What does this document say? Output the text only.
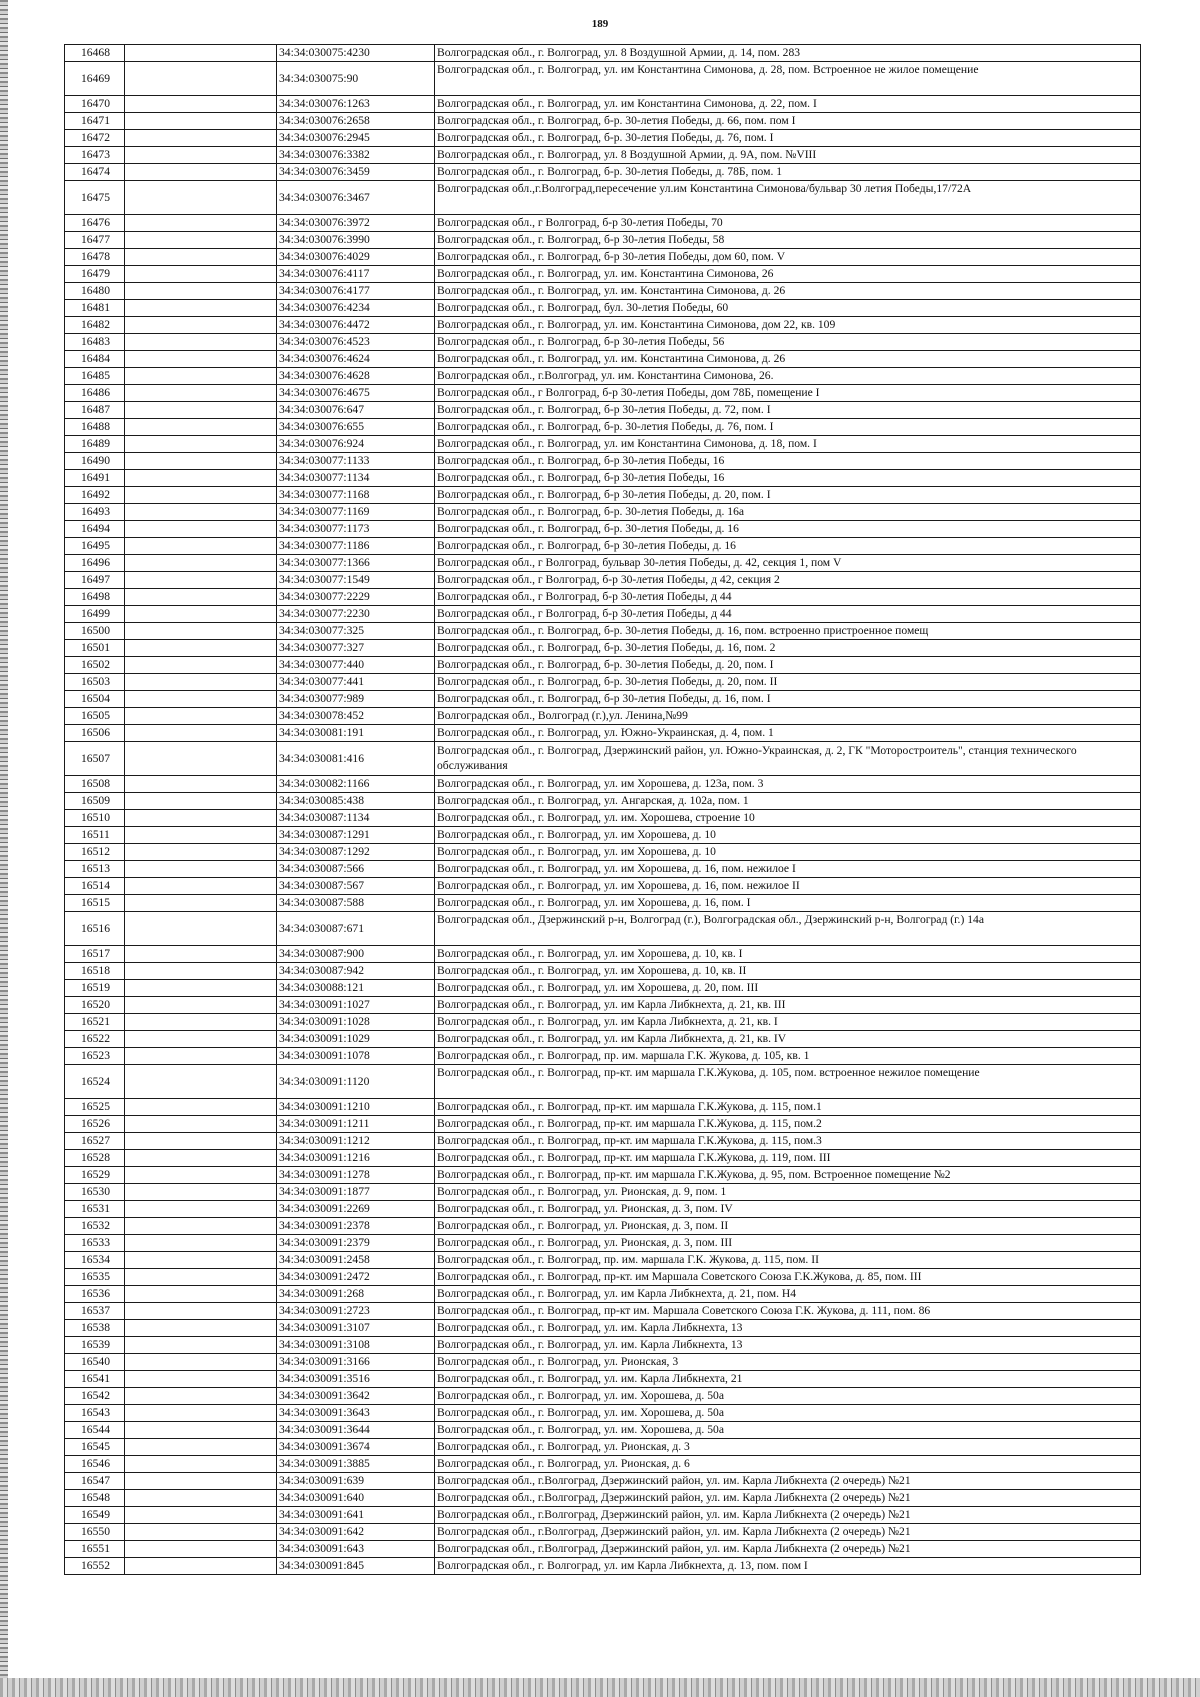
189
16468		34:34:030075:4230	Волгоградская обл., г. Волгоград, ул. 8 Воздушной Армии, д. 14, пом. 283
16469		34:34:030075:90	Волгоградская обл., г. Волгоград, ул. им Константина Симонова, д. 28, пом. Встроенное не жилое помещение
16470		34:34:030076:1263	Волгоградская обл., г. Волгоград, ул. им Константина Симонова, д. 22, пом. I
16471		34:34:030076:2658	Волгоградская обл., г. Волгоград, б-р. 30-летия Победы, д. 66, пом. пом I
16472		34:34:030076:2945	Волгоградская обл., г. Волгоград, б-р. 30-летия Победы, д. 76, пом. I
16473		34:34:030076:3382	Волгоградская обл., г. Волгоград, ул. 8 Воздушной Армии, д. 9А, пом. №VIII
16474		34:34:030076:3459	Волгоградская обл., г. Волгоград, б-р. 30-летия Победы, д. 78Б, пом. 1
16475		34:34:030076:3467	Волгоградская обл.,г.Волгоград,пересечение ул.им Константина Симонова/бульвар 30 летия Победы,17/72А
16476		34:34:030076:3972	Волгоградская обл., г Волгоград, б-р 30-летия Победы, 70
16477		34:34:030076:3990	Волгоградская обл., г. Волгоград, б-р 30-летия Победы, 58
16478		34:34:030076:4029	Волгоградская обл., г. Волгоград, б-р 30-летия Победы, дом 60, пом. V
16479		34:34:030076:4117	Волгоградская обл., г. Волгоград, ул. им. Константина Симонова, 26
16480		34:34:030076:4177	Волгоградская обл., г. Волгоград, ул. им. Константина Симонова, д. 26
16481		34:34:030076:4234	Волгоградская обл., г. Волгоград, бул. 30-летия Победы, 60
16482		34:34:030076:4472	Волгоградская обл., г. Волгоград, ул. им. Константина Симонова, дом 22, кв. 109
16483		34:34:030076:4523	Волгоградская обл., г. Волгоград, б-р 30-летия Победы, 56
16484		34:34:030076:4624	Волгоградская обл., г. Волгоград, ул. им. Константина Симонова, д. 26
16485		34:34:030076:4628	Волгоградская обл., г.Волгоград, ул. им. Константина Симонова, 26.
16486		34:34:030076:4675	Волгоградская обл., г Волгоград, б-р 30-летия Победы, дом 78Б, помещение I
16487		34:34:030076:647	Волгоградская обл., г. Волгоград, б-р 30-летия Победы, д. 72, пом. I
16488		34:34:030076:655	Волгоградская обл., г. Волгоград, б-р. 30-летия Победы, д. 76, пом. I
16489		34:34:030076:924	Волгоградская обл., г. Волгоград, ул. им Константина Симонова, д. 18, пом. I
16490		34:34:030077:1133	Волгоградская обл., г. Волгоград, б-р 30-летия Победы, 16
16491		34:34:030077:1134	Волгоградская обл., г. Волгоград, б-р 30-летия Победы, 16
16492		34:34:030077:1168	Волгоградская обл., г. Волгоград, б-р 30-летия Победы, д. 20, пом. I
16493		34:34:030077:1169	Волгоградская обл., г. Волгоград, б-р. 30-летия Победы, д. 16а
16494		34:34:030077:1173	Волгоградская обл., г. Волгоград, б-р. 30-летия Победы, д. 16
16495		34:34:030077:1186	Волгоградская обл., г. Волгоград, б-р 30-летия Победы, д. 16
16496		34:34:030077:1366	Волгоградская обл., г Волгоград, бульвар 30-летия Победы, д. 42, секция 1, пом V
16497		34:34:030077:1549	Волгоградская обл., г Волгоград, б-р 30-летия Победы, д 42, секция 2
16498		34:34:030077:2229	Волгоградская обл., г Волгоград, б-р 30-летия Победы, д 44
16499		34:34:030077:2230	Волгоградская обл., г Волгоград, б-р 30-летия Победы, д 44
16500		34:34:030077:325	Волгоградская обл., г. Волгоград, б-р. 30-летия Победы, д. 16, пом. встроенно пристроенное помещ
16501		34:34:030077:327	Волгоградская обл., г. Волгоград, б-р. 30-летия Победы, д. 16, пом. 2
16502		34:34:030077:440	Волгоградская обл., г. Волгоград, б-р. 30-летия Победы, д. 20, пом. I
16503		34:34:030077:441	Волгоградская обл., г. Волгоград, б-р. 30-летия Победы, д. 20, пом. II
16504		34:34:030077:989	Волгоградская обл., г. Волгоград, б-р 30-летия Победы, д. 16, пом. I
16505		34:34:030078:452	Волгоградская обл., Волгоград (г.),ул. Ленина,№99
16506		34:34:030081:191	Волгоградская обл., г. Волгоград, ул. Южно-Украинская, д. 4, пом. 1
16507		34:34:030081:416	Волгоградская обл., г. Волгоград, Дзержинский район, ул. Южно-Украинская, д. 2, ГК "Моторостроитель", станция технического обслуживания
16508		34:34:030082:1166	Волгоградская обл., г. Волгоград, ул. им Хорошева, д. 123а, пом. 3
16509		34:34:030085:438	Волгоградская обл., г. Волгоград, ул. Ангарская, д. 102а, пом. 1
16510		34:34:030087:1134	Волгоградская обл., г. Волгоград, ул. им. Хорошева, строение 10
16511		34:34:030087:1291	Волгоградская обл., г. Волгоград, ул. им Хорошева, д. 10
16512		34:34:030087:1292	Волгоградская обл., г. Волгоград, ул. им Хорошева, д. 10
16513		34:34:030087:566	Волгоградская обл., г. Волгоград, ул. им Хорошева, д. 16, пом. нежилое I
16514		34:34:030087:567	Волгоградская обл., г. Волгоград, ул. им Хорошева, д. 16, пом. нежилое II
16515		34:34:030087:588	Волгоградская обл., г. Волгоград, ул. им Хорошева, д. 16, пом. I
16516		34:34:030087:671	Волгоградская обл., Дзержинский р-н, Волгоград (г.), Волгоградская обл., Дзержинский р-н, Волгоград (г.) 14а
16517		34:34:030087:900	Волгоградская обл., г. Волгоград, ул. им Хорошева, д. 10, кв. I
16518		34:34:030087:942	Волгоградская обл., г. Волгоград, ул. им Хорошева, д. 10, кв. II
16519		34:34:030088:121	Волгоградская обл., г. Волгоград, ул. им Хорошева, д. 20, пом. III
16520		34:34:030091:1027	Волгоградская обл., г. Волгоград, ул. им Карла Либкнехта, д. 21, кв. III
16521		34:34:030091:1028	Волгоградская обл., г. Волгоград, ул. им Карла Либкнехта, д. 21, кв. I
16522		34:34:030091:1029	Волгоградская обл., г. Волгоград, ул. им Карла Либкнехта, д. 21, кв. IV
16523		34:34:030091:1078	Волгоградская обл., г. Волгоград, пр. им. маршала Г.К. Жукова, д. 105, кв. 1
16524		34:34:030091:1120	Волгоградская обл., г. Волгоград, пр-кт. им маршала Г.К.Жукова, д. 105, пом. встроенное нежилое помещение
16525		34:34:030091:1210	Волгоградская обл., г. Волгоград, пр-кт. им маршала Г.К.Жукова, д. 115, пом.1
16526		34:34:030091:1211	Волгоградская обл., г. Волгоград, пр-кт. им маршала Г.К.Жукова, д. 115, пом.2
16527		34:34:030091:1212	Волгоградская обл., г. Волгоград, пр-кт. им маршала Г.К.Жукова, д. 115, пом.3
16528		34:34:030091:1216	Волгоградская обл., г. Волгоград, пр-кт. им маршала Г.К.Жукова, д. 119, пом. III
16529		34:34:030091:1278	Волгоградская обл., г. Волгоград, пр-кт. им маршала Г.К.Жукова, д. 95, пом. Встроенное помещение №2
16530		34:34:030091:1877	Волгоградская обл., г. Волгоград, ул. Рионская, д. 9, пом. 1
16531		34:34:030091:2269	Волгоградская обл., г. Волгоград, ул. Рионская, д. 3, пом. IV
16532		34:34:030091:2378	Волгоградская обл., г. Волгоград, ул. Рионская, д. 3, пом. II
16533		34:34:030091:2379	Волгоградская обл., г. Волгоград, ул. Рионская, д. 3, пом. III
16534		34:34:030091:2458	Волгоградская обл., г. Волгоград, пр. им. маршала Г.К. Жукова, д. 115, пом. II
16535		34:34:030091:2472	Волгоградская обл., г. Волгоград, пр-кт. им Маршала Советского Союза Г.К.Жукова, д. 85, пом. III
16536		34:34:030091:268	Волгоградская обл., г. Волгоград, ул. им Карла Либкнехта, д. 21, пом. Н4
16537		34:34:030091:2723	Волгоградская обл., г. Волгоград, пр-кт им. Маршала Советского Союза Г.К. Жукова, д. 111, пом. 86
16538		34:34:030091:3107	Волгоградская обл., г. Волгоград, ул. им. Карла Либкнехта, 13
16539		34:34:030091:3108	Волгоградская обл., г. Волгоград, ул. им. Карла Либкнехта, 13
16540		34:34:030091:3166	Волгоградская обл., г. Волгоград, ул. Рионская, 3
16541		34:34:030091:3516	Волгоградская обл., г. Волгоград, ул. им. Карла Либкнехта, 21
16542		34:34:030091:3642	Волгоградская обл., г. Волгоград, ул. им. Хорошева, д. 50а
16543		34:34:030091:3643	Волгоградская обл., г. Волгоград, ул. им. Хорошева, д. 50а
16544		34:34:030091:3644	Волгоградская обл., г. Волгоград, ул. им. Хорошева, д. 50а
16545		34:34:030091:3674	Волгоградская обл., г. Волгоград, ул. Рионская, д. 3
16546		34:34:030091:3885	Волгоградская обл., г. Волгоград, ул. Рионская, д. 6
16547		34:34:030091:639	Волгоградская обл., г.Волгоград, Дзержинский район, ул. им. Карла Либкнехта (2 очередь) №21
16548		34:34:030091:640	Волгоградская обл., г.Волгоград, Дзержинский район, ул. им. Карла Либкнехта (2 очередь) №21
16549		34:34:030091:641	Волгоградская обл., г.Волгоград, Дзержинский район, ул. им. Карла Либкнехта (2 очередь) №21
16550		34:34:030091:642	Волгоградская обл., г.Волгоград, Дзержинский район, ул. им. Карла Либкнехта (2 очередь) №21
16551		34:34:030091:643	Волгоградская обл., г.Волгоград, Дзержинский район, ул. им. Карла Либкнехта (2 очередь) №21
16552		34:34:030091:845	Волгоградская обл., г. Волгоград, ул. им Карла Либкнехта, д. 13, пом. пом I
